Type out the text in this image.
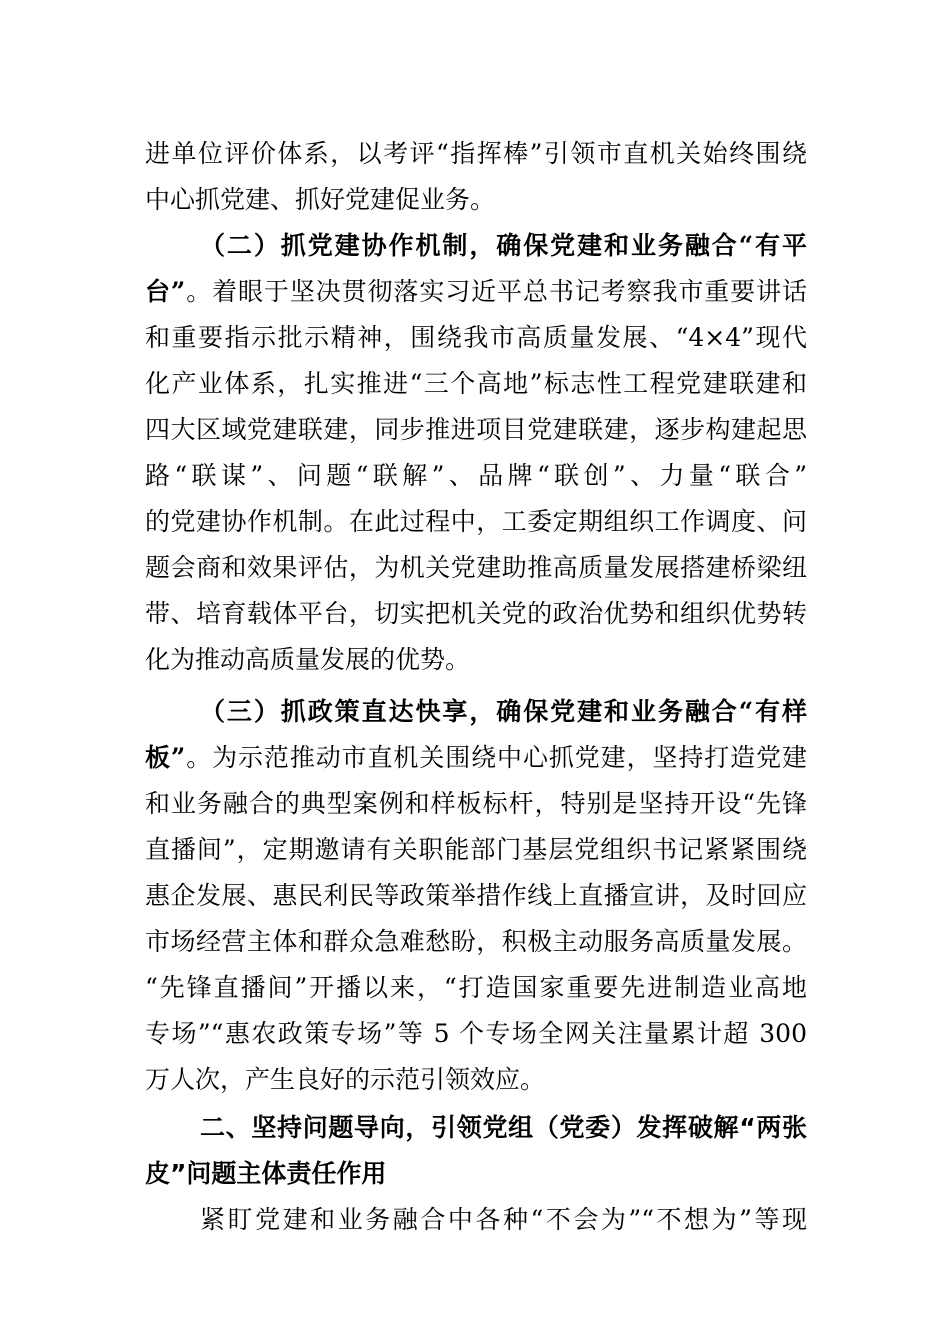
进单位评价体系，以考评“指挥棒”引领市直机关始终围绕
中心抓党建、抓好党建促业务。
（二）抓党建协作机制，确保党建和业务融合“有平
台”。着眼于坚决贯彻落实习近平总书记考察我市重要讲话
和重要指示批示精神，围绕我市高质量发展、“4×4”现代
化产业体系，扎实推进“三个高地”标志性工程党建联建和
四大区域党建联建，同步推进项目党建联建，逐步构建起思
路“联谋”、问题“联解”、品牌“联创”、力量“联合”
的党建协作机制。在此过程中，工委定期组织工作调度、问
题会商和效果评估，为机关党建助推高质量发展搭建桥梁纽
带、培育载体平台，切实把机关党的政治优势和组织优势转
化为推动高质量发展的优势。
（三）抓政策直达快享，确保党建和业务融合“有样
板”。为示范推动市直机关围绕中心抓党建，坚持打造党建
和业务融合的典型案例和样板标杆，特别是坚持开设“先锋
直播间”，定期邀请有关职能部门基层党组织书记紧紧围绕
惠企发展、惠民利民等政策举措作线上直播宣讲，及时回应
市场经营主体和群众急难愁盼，积极主动服务高质量发展。
“先锋直播间”开播以来，“打造国家重要先进制造业高地
专场”“惠农政策专场”等 5 个专场全网关注量累计超 300
万人次，产生良好的示范引领效应。
二、坚持问题导向，引领党组（党委）发挥破解“两张
皮”问题主体责任作用
紧盯党建和业务融合中各种“不会为”“不想为”等现
